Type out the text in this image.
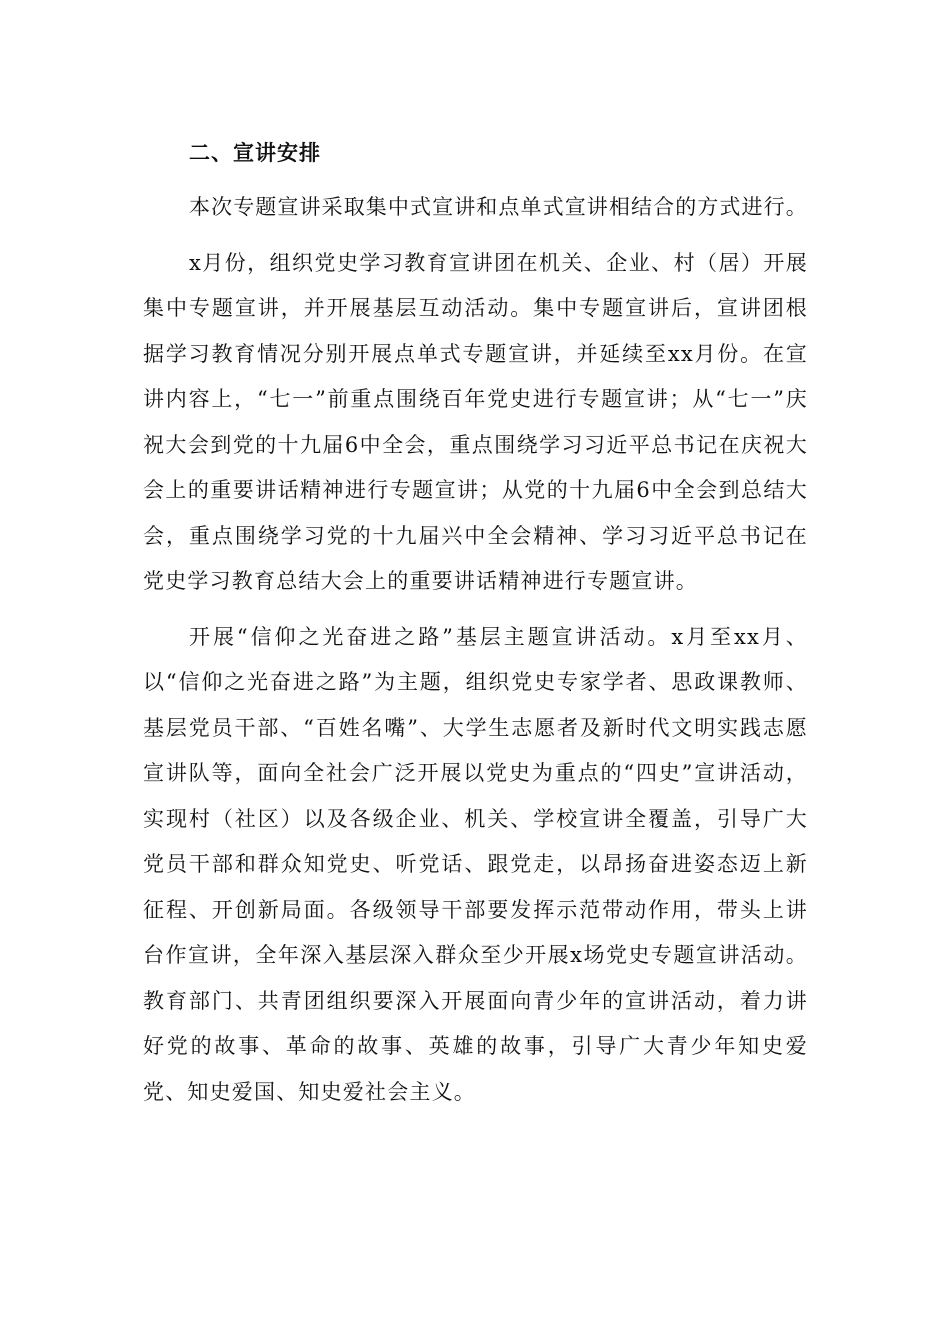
二、宣讲安排

本次专题宣讲采取集中式宣讲和点单式宣讲相结合的方式进行。

x月份，组织党史学习教育宣讲团在机关、企业、村（居）开展集中专题宣讲，并开展基层互动活动。集中专题宣讲后，宣讲团根据学习教育情况分别开展点单式专题宣讲，并延续至xx月份。在宣讲内容上，“七一”前重点围绕百年党史进行专题宣讲；从“七一”庆祝大会到党的十九届6中全会，重点围绕学习习近平总书记在庆祝大会上的重要讲话精神进行专题宣讲；从党的十九届6中全会到总结大会，重点围绕学习党的十九届兴中全会精神、学习习近平总书记在党史学习教育总结大会上的重要讲话精神进行专题宣讲。

开展“信仰之光奋进之路”基层主题宣讲活动。x月至xx月、以“信仰之光奋进之路”为主题，组织党史专家学者、思政课教师、基层党员干部、“百姓名嘴”、大学生志愿者及新时代文明实践志愿宣讲队等，面向全社会广泛开展以党史为重点的“四史”宣讲活动，实现村（社区）以及各级企业、机关、学校宣讲全覆盖，引导广大党员干部和群众知党史、听党话、跟党走，以昂扬奋进姿态迈上新征程、开创新局面。各级领导干部要发挥示范带动作用，带头上讲台作宣讲，全年深入基层深入群众至少开展x场党史专题宣讲活动。教育部门、共青团组织要深入开展面向青少年的宣讲活动，着力讲好党的故事、革命的故事、英雄的故事，引导广大青少年知史爱党、知史爱国、知史爱社会主义。
